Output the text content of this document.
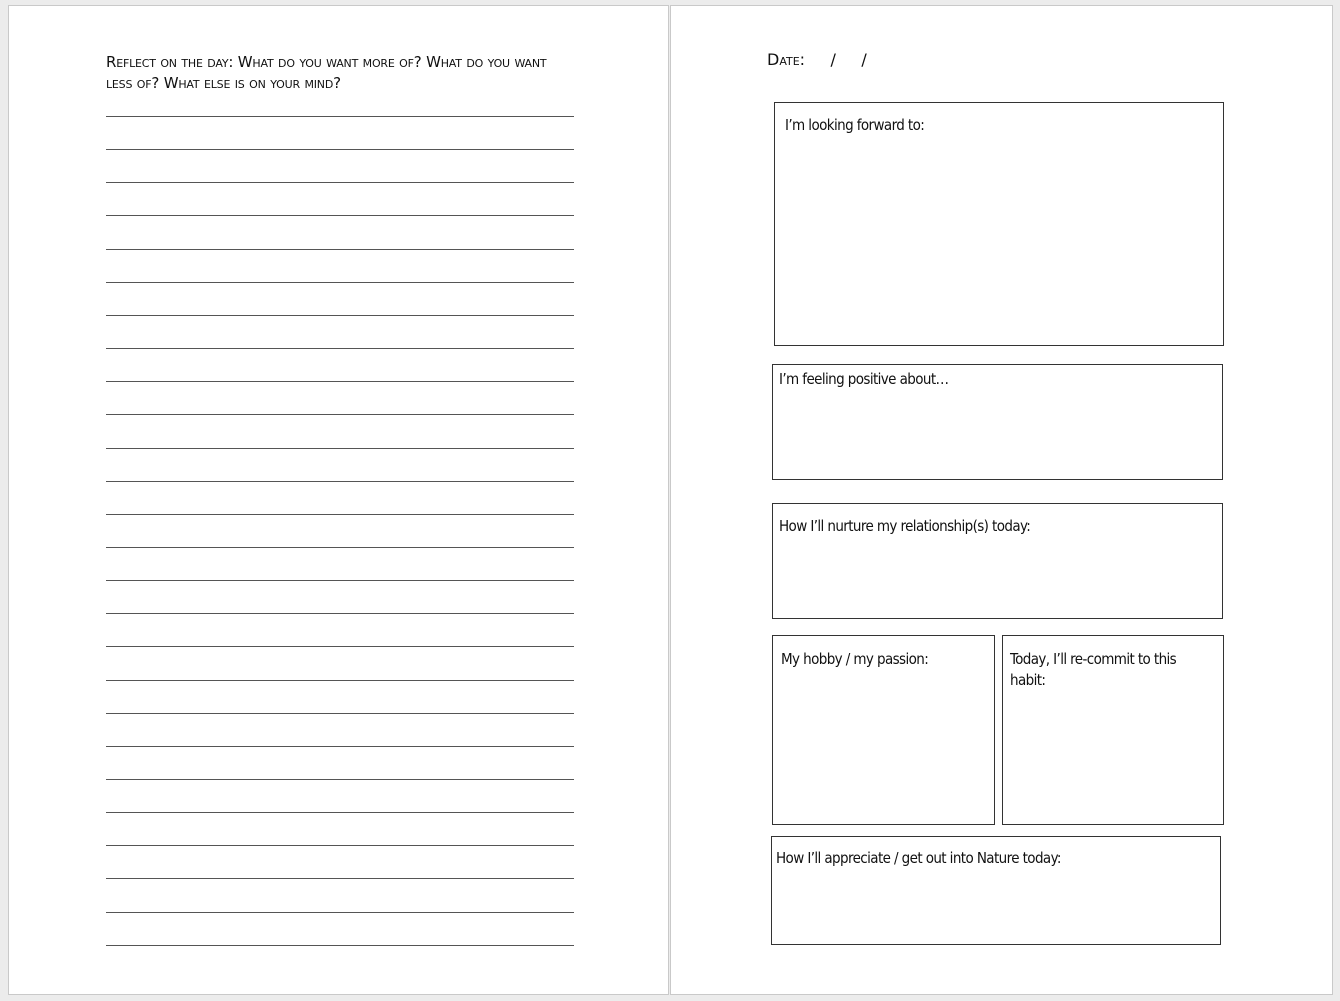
Reflect on the day: What do you want more of? What do you want less of? What else is on your mind?
Date: /     /
I’m looking forward to:
I’m feeling positive about…
How I’ll nurture my relationship(s) today:
My hobby / my passion:	Today, I’ll re-commit to this habit:
How I’ll appreciate / get out into Nature today:
